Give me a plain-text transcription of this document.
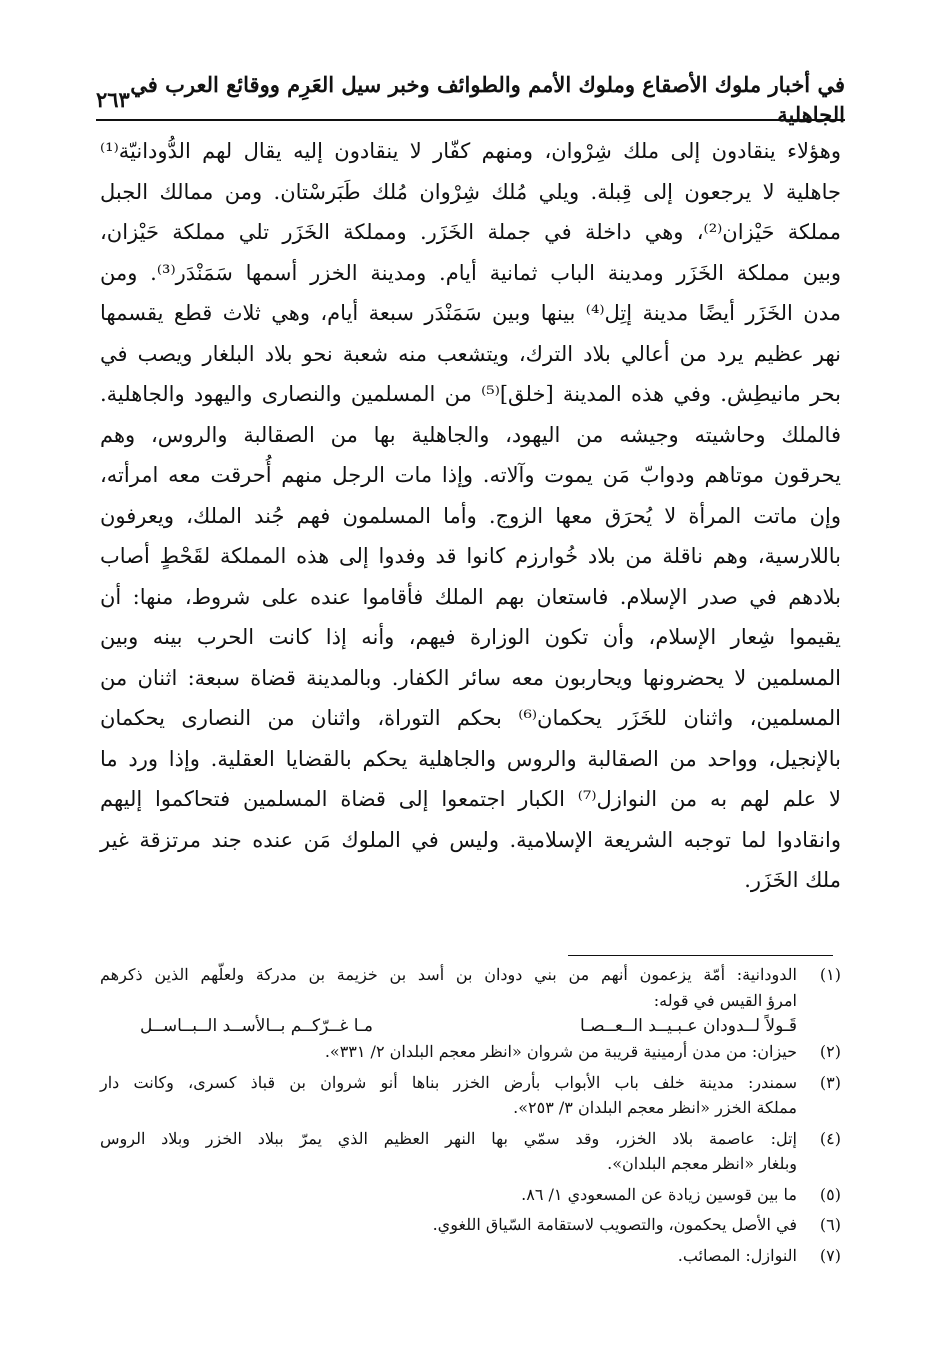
في أخبار ملوك الأصقاع وملوك الأمم والطوائف وخبر سيل العَرِم ووقائع العرب في الجاهلية
٢٦٣
وهؤلاء ينقادون إلى ملك شِرْوان، ومنهم كفّار لا ينقادون إليه يقال لهم الدُّودانيّة⁽¹⁾
جاهلية لا يرجعون إلى قِبلة. ويلي مُلك شِرْوان مُلك طَبَرسْتان. ومن ممالك الجبل
مملكة حَيْزان⁽²⁾، وهي داخلة في جملة الخَزَر. ومملكة الخَزَر تلي مملكة حَيْزان،
وبين مملكة الخَزَر ومدينة الباب ثمانية أيام. ومدينة الخزر أسمها سَمَنْدَر⁽³⁾. ومن
مدن الخَزَر أيضًا مدينة إتِل⁽⁴⁾ بينها وبين سَمَنْدَر سبعة أيام، وهي ثلاث قطع يقسمها
نهر عظيم يرد من أعالي بلاد الترك، ويتشعب منه شعبة نحو بلاد البلغار ويصب في
بحر مانيطِش. وفي هذه المدينة [خلق]⁽⁵⁾ من المسلمين والنصارى واليهود والجاهلية.
فالملك وحاشيته وجيشه من اليهود، والجاهلية بها من الصقالبة والروس، وهم
يحرقون موتاهم ودوابّ مَن يموت وآلاته. وإذا مات الرجل منهم أُحرقت معه امرأته،
وإن ماتت المرأة لا يُحرَق معها الزوج. وأما المسلمون فهم جُند الملك، ويعرفون
باللارسية، وهم ناقلة من بلاد خُوارزم كانوا قد وفدوا إلى هذه المملكة لقَحْطٍ أصاب
بلادهم في صدر الإسلام. فاستعان بهم الملك فأقاموا عنده على شروط، منها: أن
يقيموا شِعار الإسلام، وأن تكون الوزارة فيهم، وأنه إذا كانت الحرب بينه وبين
المسلمين لا يحضرونها ويحاربون معه سائر الكفار. وبالمدينة قضاة سبعة: اثنان من
المسلمين، واثنان للخَزَر يحكمان⁽⁶⁾ بحكم التوراة، واثنان من النصارى يحكمان
بالإنجيل، وواحد من الصقالبة والروس والجاهلية يحكم بالقضايا العقلية. وإذا ورد ما
لا علم لهم به من النوازل⁽⁷⁾ الكبار اجتمعوا إلى قضاة المسلمين فتحاكموا إليهم
وانقادوا لما توجبه الشريعة الإسلامية. وليس في الملوك مَن عنده جند مرتزقة غير
ملك الخَزَر.
(١)
الدودانية: أمّة يزعمون أنهم من بني دودان بن أسد بن خزيمة بن مدركة ولعلّهم الذين ذكرهم
امرؤ القيس في قوله:
قَـولاً لــدودان عـبـيــد الــعــصـا
مـا غــرّكــم بــالأســد الــبــاســل
(٢)
حيزان: من مدن أرمينية قريبة من شروان «انظر معجم البلدان ٢/ ٣٣١».
(٣)
سمندر: مدينة خلف باب الأبواب بأرض الخزر بناها أنو شروان بن قباذ كسرى، وكانت دار
مملكة الخزر «انظر معجم البلدان ٣/ ٢٥٣».
(٤)
إتل: عاصمة بلاد الخزر، وقد سمّي بها النهر العظيم الذي يمرّ ببلاد الخزر وبلاد الروس
وبلغار «انظر معجم البلدان».
(٥)
ما بين قوسين زيادة عن المسعودي ١/ ٨٦.
(٦)
في الأصل يحكمون، والتصويب لاستقامة السّياق اللغوي.
(٧)
النوازل: المصائب.
